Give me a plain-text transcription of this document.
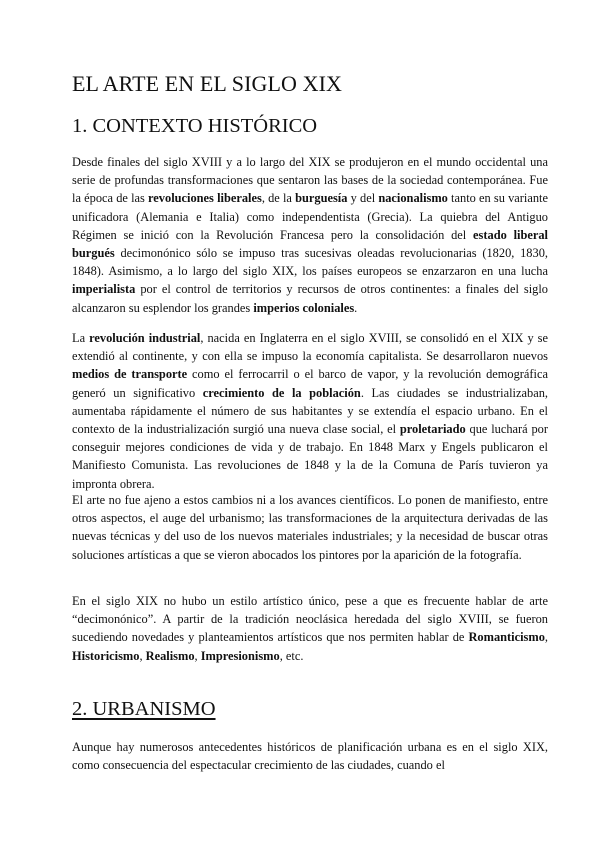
EL ARTE EN EL SIGLO XIX
1. CONTEXTO HISTÓRICO

Desde finales del siglo XVIII y a lo largo del XIX se produjeron en el mundo occidental una serie de profundas transformaciones que sentaron las bases de la sociedad contemporánea. Fue la época de las revoluciones liberales, de la burguesía y del nacionalismo tanto en su variante unificadora (Alemania e Italia) como independentista (Grecia). La quiebra del Antiguo Régimen se inició con la Revolución Francesa pero la consolidación del estado liberal burgués decimonónico sólo se impuso tras sucesivas oleadas revolucionarias (1820, 1830, 1848). Asimismo, a lo largo del siglo XIX, los países europeos se enzarzaron en una lucha imperialista por el control de territorios y recursos de otros continentes: a finales del siglo alcanzaron su esplendor los grandes imperios coloniales.

La revolución industrial, nacida en Inglaterra en el siglo XVIII, se consolidó en el XIX y se extendió al continente, y con ella se impuso la economía capitalista. Se desarrollaron nuevos medios de transporte como el ferrocarril o el barco de vapor, y la revolución demográfica generó un significativo crecimiento de la población. Las ciudades se industrializaban, aumentaba rápidamente el número de sus habitantes y se extendía el espacio urbano. En el contexto de la industrialización surgió una nueva clase social, el proletariado que luchará por conseguir mejores condiciones de vida y de trabajo. En 1848 Marx y Engels publicaron el Manifiesto Comunista. Las revoluciones de 1848 y la de la Comuna de París tuvieron ya impronta obrera.

El arte no fue ajeno a estos cambios ni a los avances científicos. Lo ponen de manifiesto, entre otros aspectos, el auge del urbanismo; las transformaciones de la arquitectura derivadas de las nuevas técnicas y del uso de los nuevos materiales industriales; y la necesidad de buscar otras soluciones artísticas a que se vieron abocados los pintores por la aparición de la fotografía.

En el siglo XIX no hubo un estilo artístico único, pese a que es frecuente hablar de arte “decimonónico”. A partir de la tradición neoclásica heredada del siglo XVIII, se fueron sucediendo novedades y planteamientos artísticos que nos permiten hablar de Romanticismo, Historicismo, Realismo, Impresionismo, etc.

2. URBANISMO

Aunque hay numerosos antecedentes históricos de planificación urbana es en el siglo XIX, como consecuencia del espectacular crecimiento de las ciudades, cuando el
